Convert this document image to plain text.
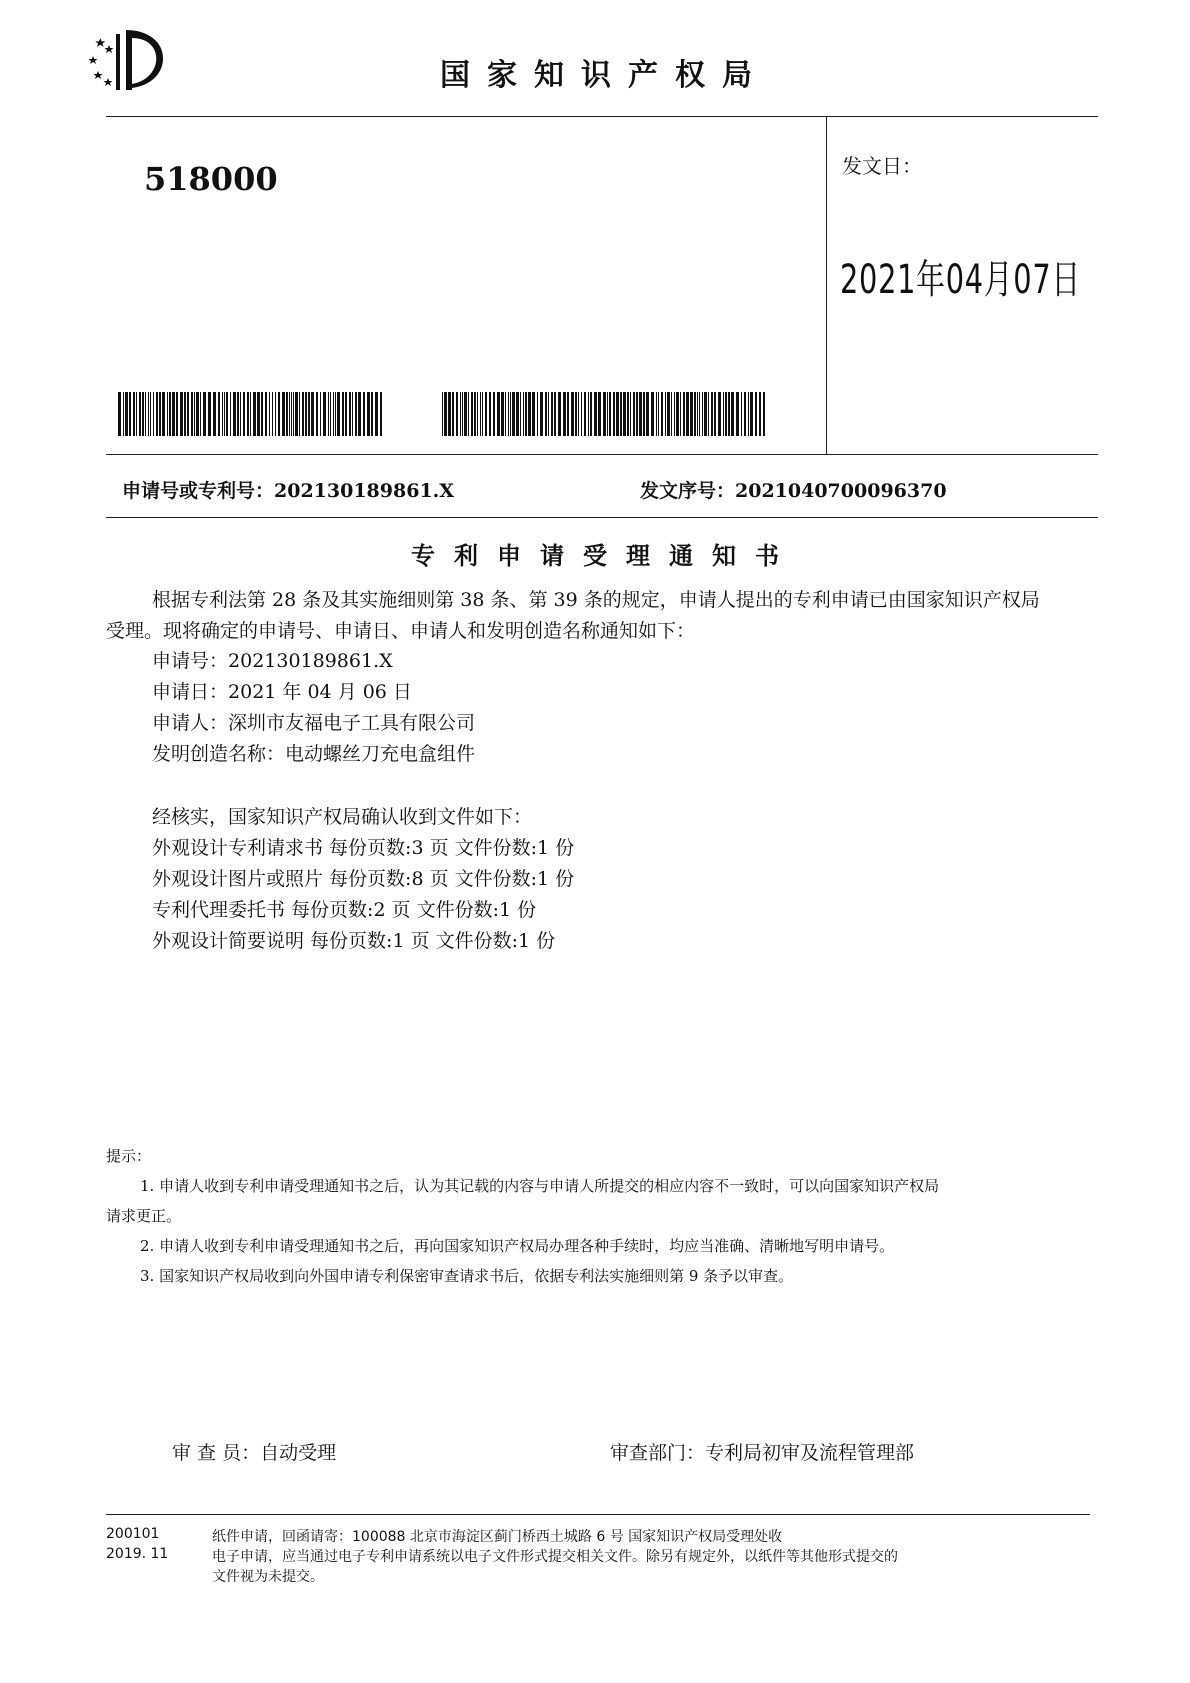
国家知识产权局
518000	发文日：
2021年04月07日
申请号或专利号：202130189861.X	发文序号：2021040700096370
专利申请受理通知书
根据专利法第 28 条及其实施细则第 38 条、第 39 条的规定，申请人提出的专利申请已由国家知识产权局
受理。现将确定的申请号、申请日、申请人和发明创造名称通知如下：
申请号：202130189861.X
申请日：2021 年 04 月 06 日
申请人：深圳市友福电子工具有限公司
发明创造名称：电动螺丝刀充电盒组件
经核实，国家知识产权局确认收到文件如下：
外观设计专利请求书 每份页数:3 页 文件份数:1 份
外观设计图片或照片 每份页数:8 页 文件份数:1 份
专利代理委托书 每份页数:2 页 文件份数:1 份
外观设计简要说明 每份页数:1 页 文件份数:1 份
提示：
1. 申请人收到专利申请受理通知书之后，认为其记载的内容与申请人所提交的相应内容不一致时，可以向国家知识产权局
请求更正。
2. 申请人收到专利申请受理通知书之后，再向国家知识产权局办理各种手续时，均应当准确、清晰地写明申请号。
3. 国家知识产权局收到向外国申请专利保密审查请求书后，依据专利法实施细则第 9 条予以审查。
审 查 员：自动受理	审查部门：专利局初审及流程管理部
200101	纸件申请，回函请寄：100088 北京市海淀区蓟门桥西土城路 6 号 国家知识产权局受理处收
2019. 11	电子申请，应当通过电子专利申请系统以电子文件形式提交相关文件。除另有规定外，以纸件等其他形式提交的
文件视为未提交。
